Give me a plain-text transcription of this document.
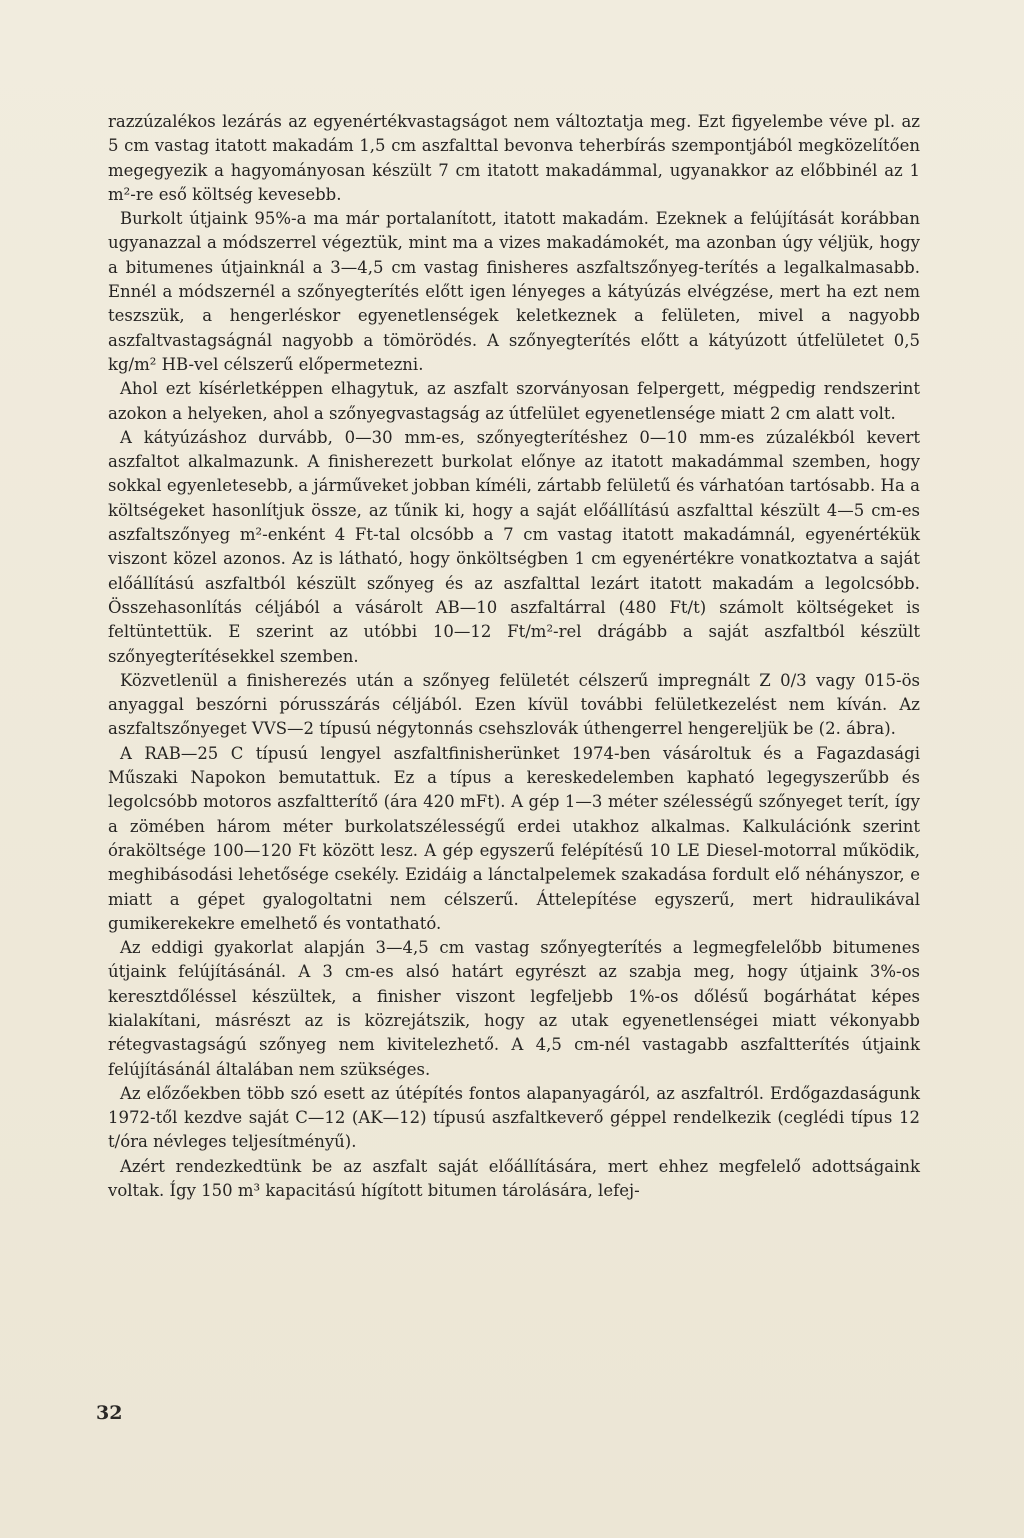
razzúzalékos lezárás az egyenértékvastagságot nem változtatja meg. Ezt figyelembe véve pl. az 5 cm vastag itatott makadám 1,5 cm aszfalttal bevonva teherbírás szempontjából megközelítően megegyezik a hagyományosan készült 7 cm itatott makadámmal, ugyanakkor az előbbinél az 1 m²-re eső költség kevesebb.

Burkolt útjaink 95%-a ma már portalanított, itatott makadám. Ezeknek a felújítását korábban ugyanazzal a módszerrel végeztük, mint ma a vizes makadámokét, ma azonban úgy véljük, hogy a bitumenes útjainknál a 3—4,5 cm vastag finisheres aszfaltszőnyeg-terítés a legalkalmasabb. Ennél a módszernél a szőnyegterítés előtt igen lényeges a kátyúzás elvégzése, mert ha ezt nem teszszük, a hengerléskor egyenetlenségek keletkeznek a felületen, mivel a nagyobb aszfaltvastagságnál nagyobb a tömörödés. A szőnyegterítés előtt a kátyúzott útfelületet 0,5 kg/m² HB-vel célszerű előpermetezni.

Ahol ezt kísérletképpen elhagytuk, az aszfalt szorványosan felpergett, mégpedig rendszerint azokon a helyeken, ahol a szőnyegvastagság az útfelület egyenetlensége miatt 2 cm alatt volt.

A kátyúzáshoz durvább, 0—30 mm-es, szőnyegterítéshez 0—10 mm-es zúzalékból kevert aszfaltot alkalmazunk. A finisherezett burkolat előnye az itatott makadámmal szemben, hogy sokkal egyenletesebb, a járműveket jobban kíméli, zártabb felületű és várhatóan tartósabb. Ha a költségeket hasonlítjuk össze, az tűnik ki, hogy a saját előállítású aszfalttal készült 4—5 cm-es aszfaltszőnyeg m²-enként 4 Ft-tal olcsóbb a 7 cm vastag itatott makadámnál, egyenértékük viszont közel azonos. Az is látható, hogy önköltségben 1 cm egyenértékre vonatkoztatva a saját előállítású aszfaltból készült szőnyeg és az aszfalttal lezárt itatott makadám a legolcsóbb. Összehasonlítás céljából a vásárolt AB—10 aszfaltárral (480 Ft/t) számolt költségeket is feltüntettük. E szerint az utóbbi 10—12 Ft/m²-rel drágább a saját aszfaltból készült szőnyegterítésekkel szemben.

Közvetlenül a finisherezés után a szőnyeg felületét célszerű impregnált Z 0/3 vagy 015-ös anyaggal beszórni pórusszárás céljából. Ezen kívül további felületkezelést nem kíván. Az aszfaltszőnyeget VVS—2 típusú négytonnás csehszlovák úthengerrel hengereljük be (2. ábra).

A RAB—25 C típusú lengyel aszfaltfinisherünket 1974-ben vásároltuk és a Fagazdasági Műszaki Napokon bemutattuk. Ez a típus a kereskedelemben kapható legegyszerűbb és legolcsóbb motoros aszfaltterítő (ára 420 mFt). A gép 1—3 méter szélességű szőnyeget terít, így a zömében három méter burkolatszélességű erdei utakhoz alkalmas. Kalkulációnk szerint óraköltsége 100—120 Ft között lesz. A gép egyszerű felépítésű 10 LE Diesel-motorral működik, meghibásodási lehetősége csekély. Ezidáig a lánctalpelemek szakadása fordult elő néhányszor, e miatt a gépet gyalogoltatni nem célszerű. Áttelepítése egyszerű, mert hidraulikával gumikerekekre emelhető és vontatható.

Az eddigi gyakorlat alapján 3—4,5 cm vastag szőnyegterítés a legmegfelelőbb bitumenes útjaink felújításánál. A 3 cm-es alsó határt egyrészt az szabja meg, hogy útjaink 3%-os keresztdőléssel készültek, a finisher viszont legfeljebb 1%-os dőlésű bogárhátat képes kialakítani, másrészt az is közrejátszik, hogy az utak egyenetlenségei miatt vékonyabb rétegvastagságú szőnyeg nem kivitelezhető. A 4,5 cm-nél vastagabb aszfaltterítés útjaink felújításánál általában nem szükséges.

Az előzőekben több szó esett az útépítés fontos alapanyagáról, az aszfaltról. Erdőgazdaságunk 1972-től kezdve saját C—12 (AK—12) típusú aszfaltkeverő géppel rendelkezik (ceglédi típus 12 t/óra névleges teljesítményű).

Azért rendezkedtünk be az aszfalt saját előállítására, mert ehhez megfelelő adottságaink voltak. Így 150 m³ kapacitású hígított bitumen tárolására, lefej-

32
